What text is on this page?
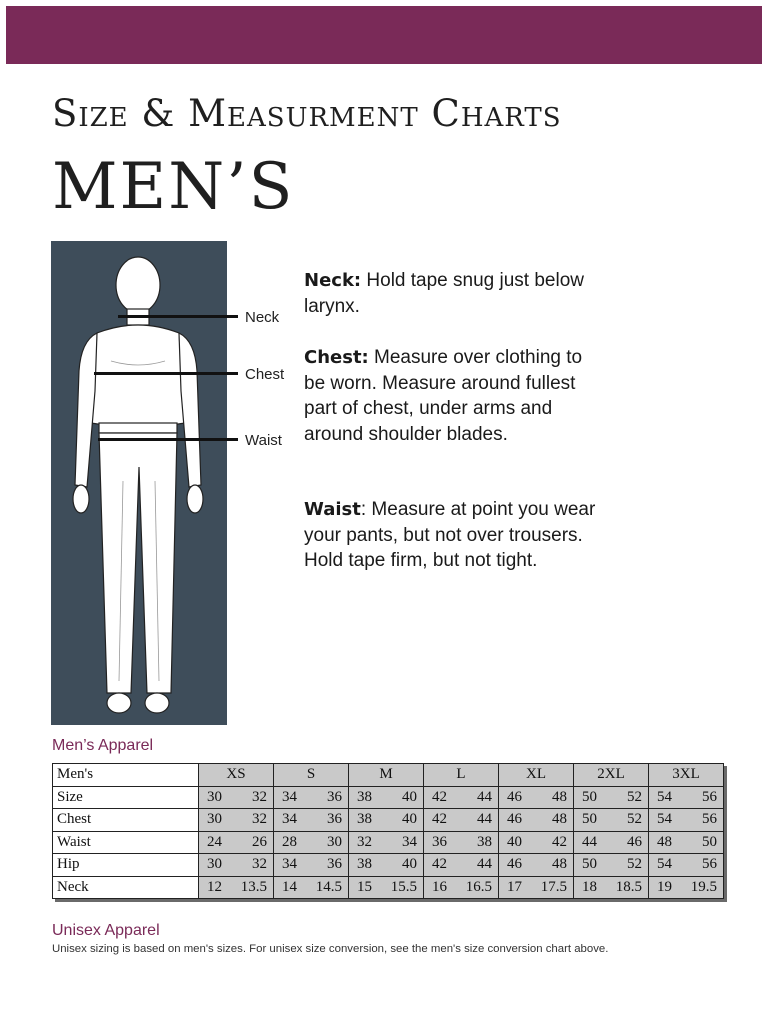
Size & Measurment Charts
MEN’S
Neck
Chest
Waist
Neck: Hold tape snug just below larynx.
Chest: Measure over clothing to be worn. Measure around fullest part of chest, under arms and around shoulder blades.
Waist: Measure at point you wear your pants, but not over trousers. Hold tape firm, but not tight.
Men’s Apparel
Men's	XS	S	M	L	XL	2XL	3XL
Size	30 32	34 36	38 40	42 44	46 48	50 52	54 56

Chest	30 32	34 36	38 40	42 44	46 48	50 52	54 56

Waist	24 26	28 30	32 34	36 38	40 42	44 46	48 50

Hip	30 32	34 36	38 40	42 44	46 48	50 52	54 56

Neck	12 13.5	14 14.5	15 15.5	16 16.5	17 17.5	18 18.5	19 19.5
Unisex Apparel
Unisex sizing is based on men's sizes. For unisex size conversion, see the men's size conversion chart above.
